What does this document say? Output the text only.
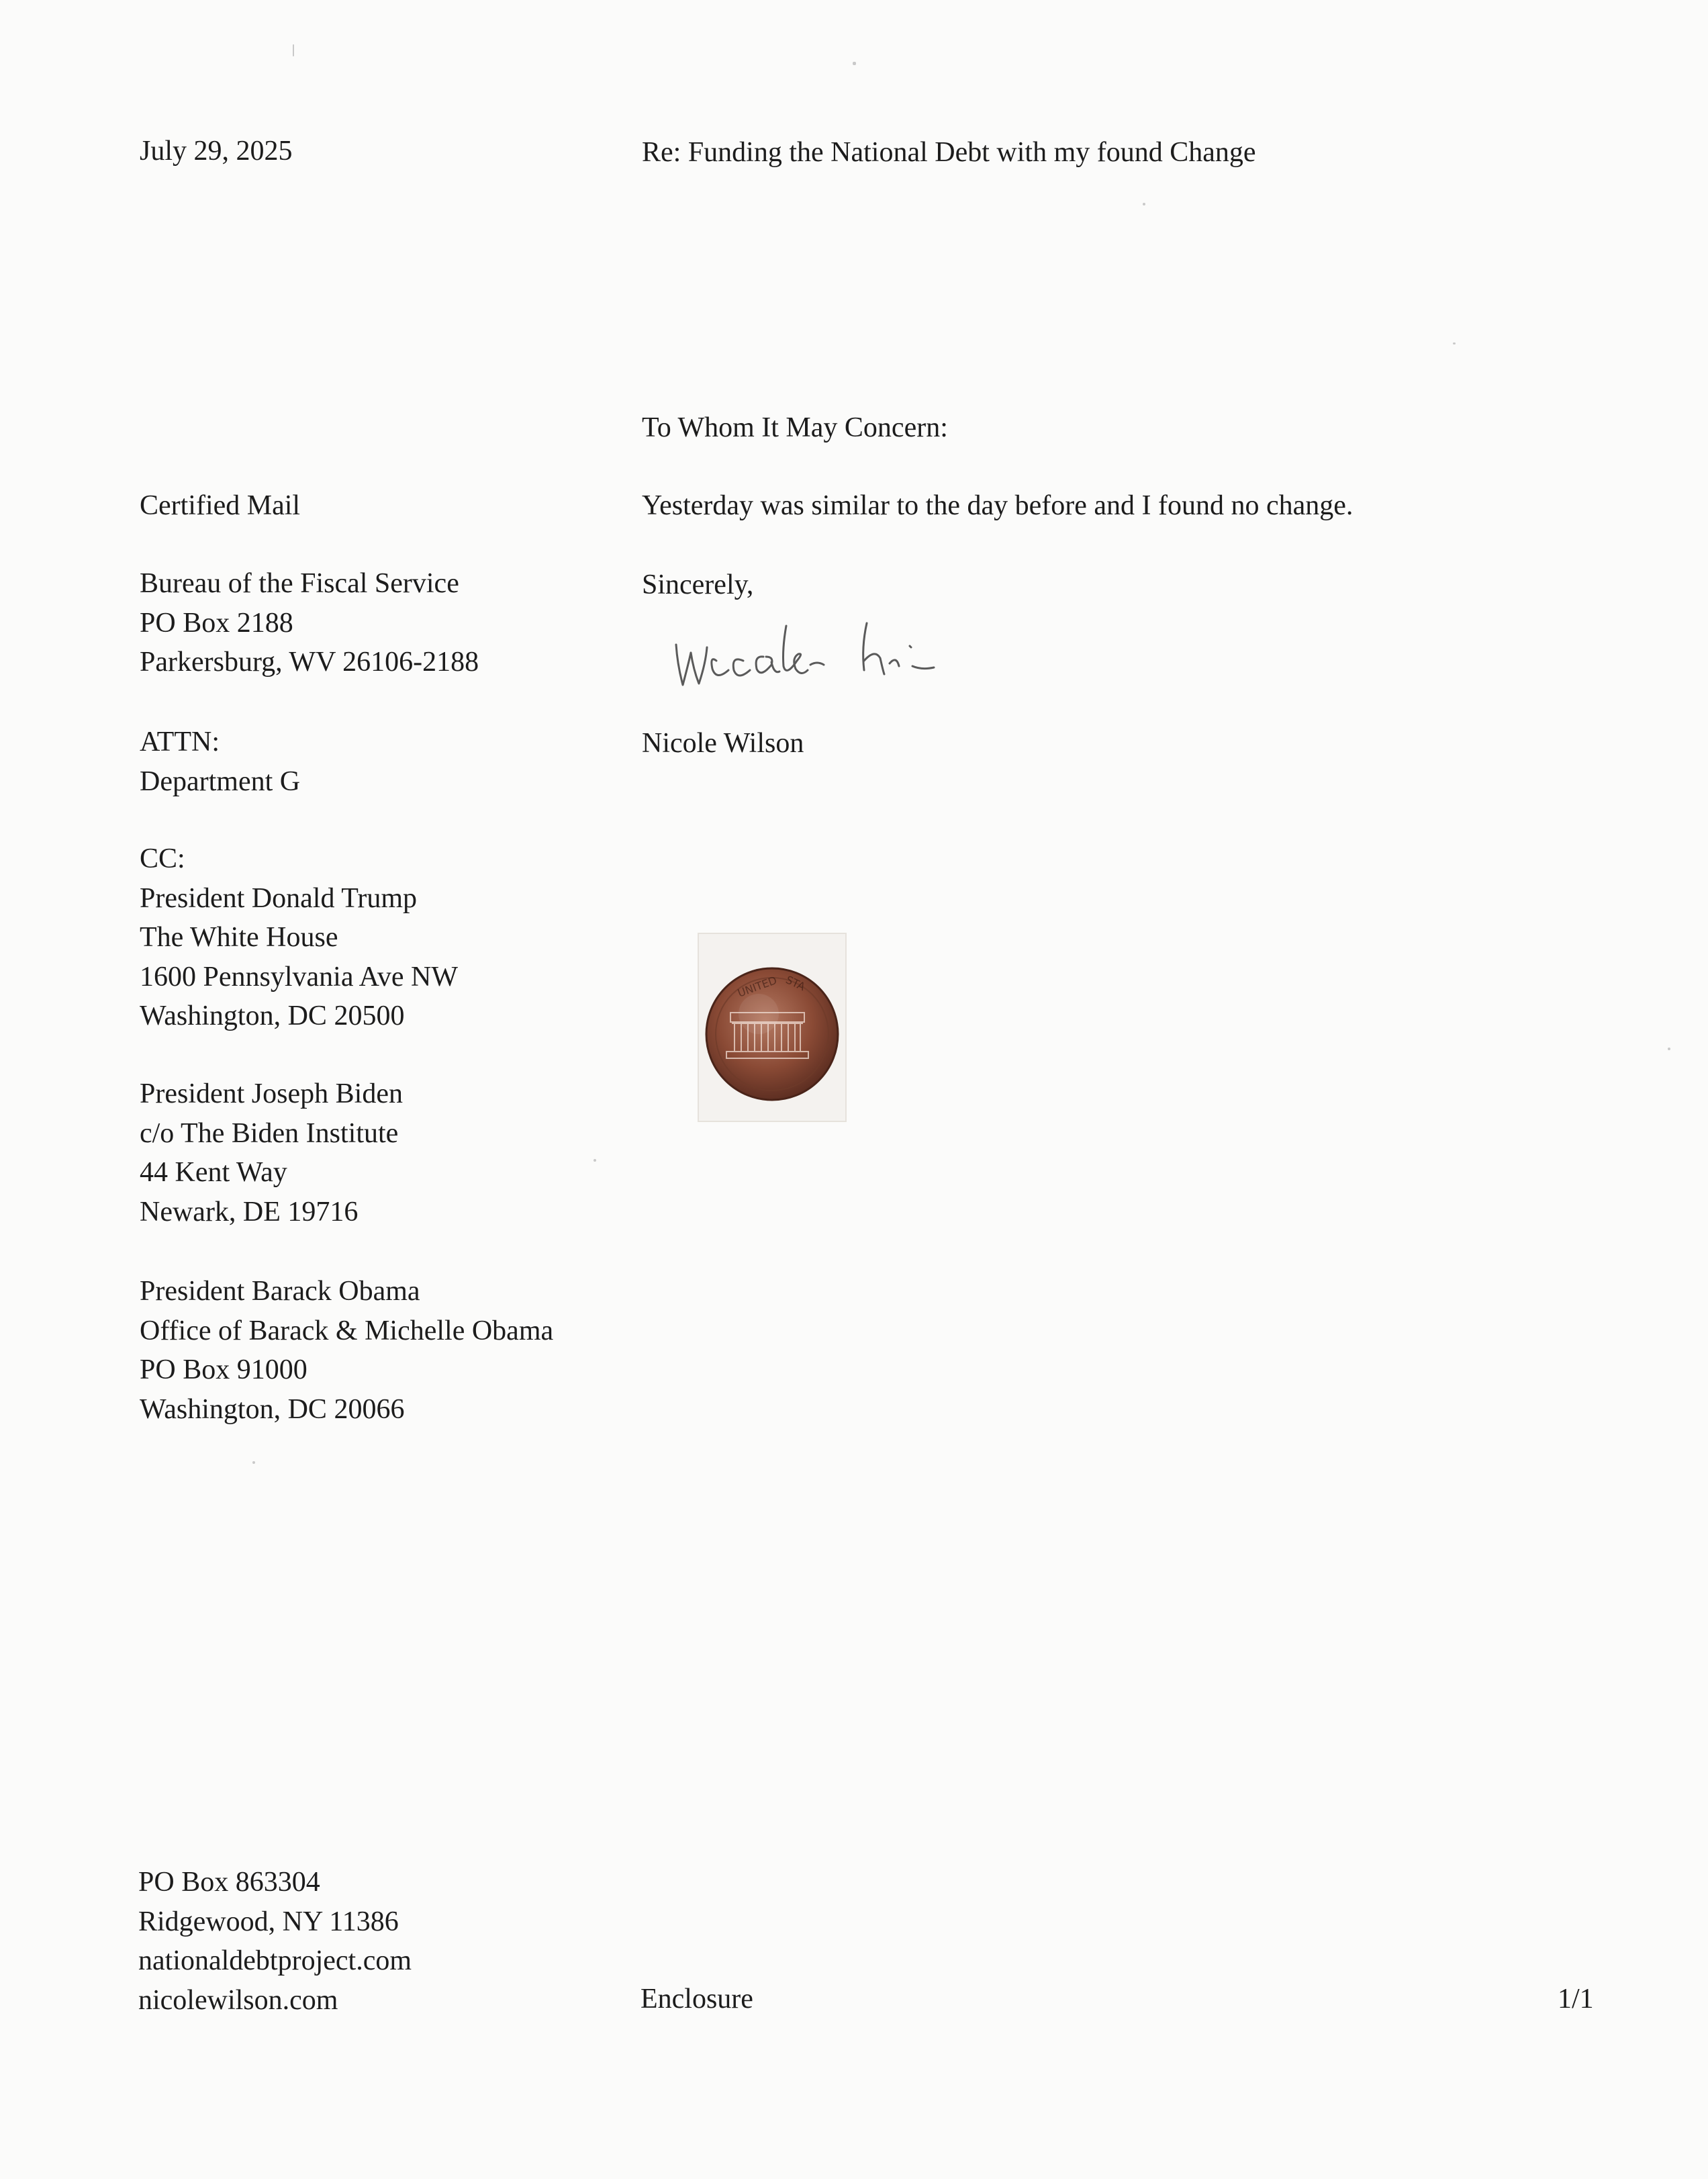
July 29, 2025	Re: Funding the National Debt with my found Change

To Whom It May Concern:

Yesterday was similar to the day before and I found no change.

Sincerely,

Nicole Wilson

Certified Mail

Bureau of the Fiscal Service
PO Box 2188
Parkersburg, WV 26106-2188
ATTN:
Department G
CC:
President Donald Trump
The White House
1600 Pennsylvania Ave NW
Washington, DC 20500
President Joseph Biden
c/o The Biden Institute
44 Kent Way
Newark, DE 19716
President Barack Obama
Office of Barack & Michelle Obama
PO Box 91000
Washington, DC 20066
UNITED STA
PO Box 863304
Ridgewood, NY 11386
nationaldebtproject.com
nicolewilson.com	Enclosure	1/1
